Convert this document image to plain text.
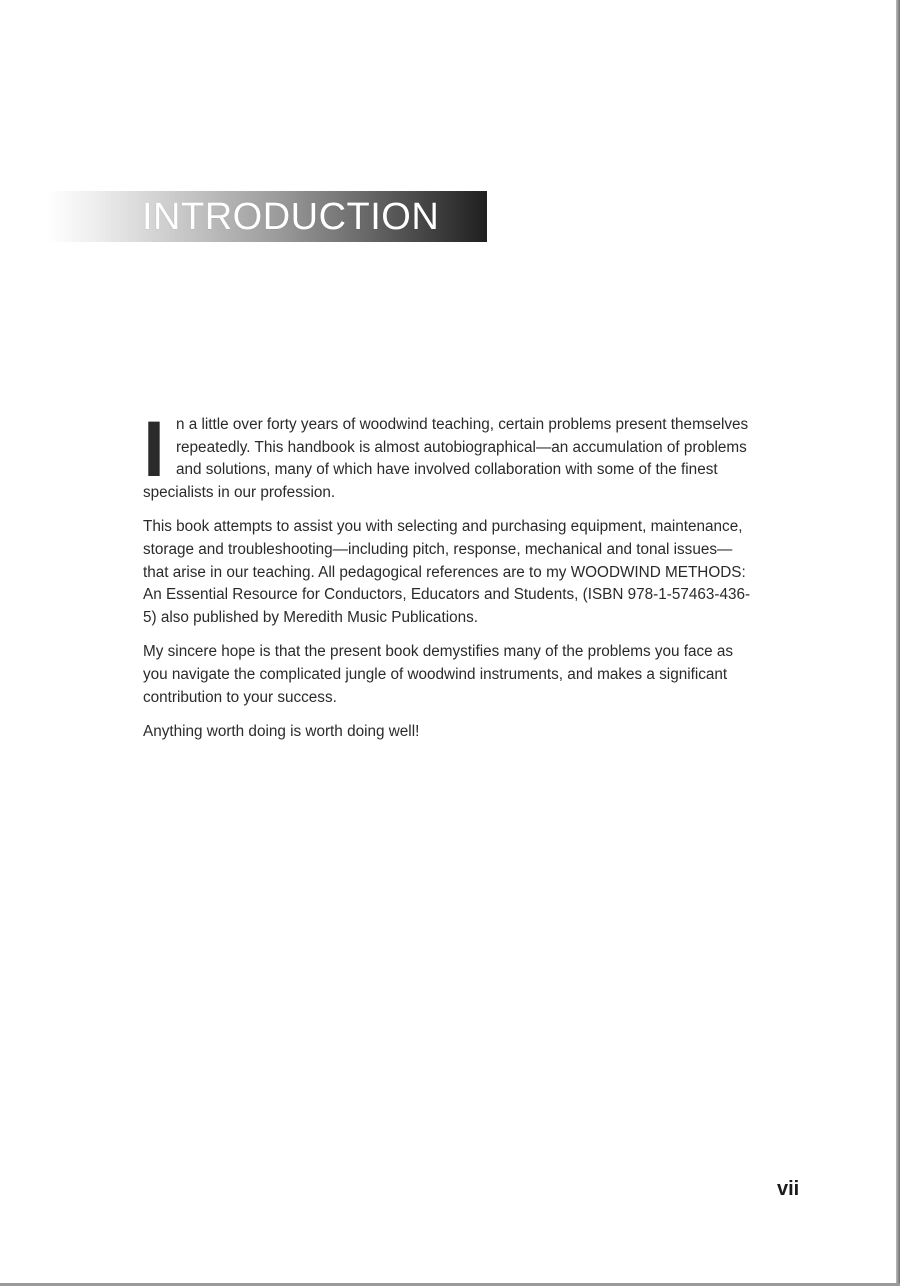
INTRODUCTION

In a little over forty years of woodwind teaching, certain problems present themselves repeatedly. This handbook is almost autobiographical—an accumulation of problems and solutions, many of which have involved collaboration with some of the finest specialists in our profession.

This book attempts to assist you with selecting and purchasing equipment, maintenance, storage and troubleshooting—including pitch, response, mechanical and tonal issues—that arise in our teaching. All pedagogical references are to my WOODWIND METHODS: An Essential Resource for Conductors, Educators and Students, (ISBN 978-1-57463-436-5) also published by Meredith Music Publications.

My sincere hope is that the present book demystifies many of the problems you face as you navigate the complicated jungle of woodwind instruments, and makes a significant contribution to your success.

Anything worth doing is worth doing well!

vii
